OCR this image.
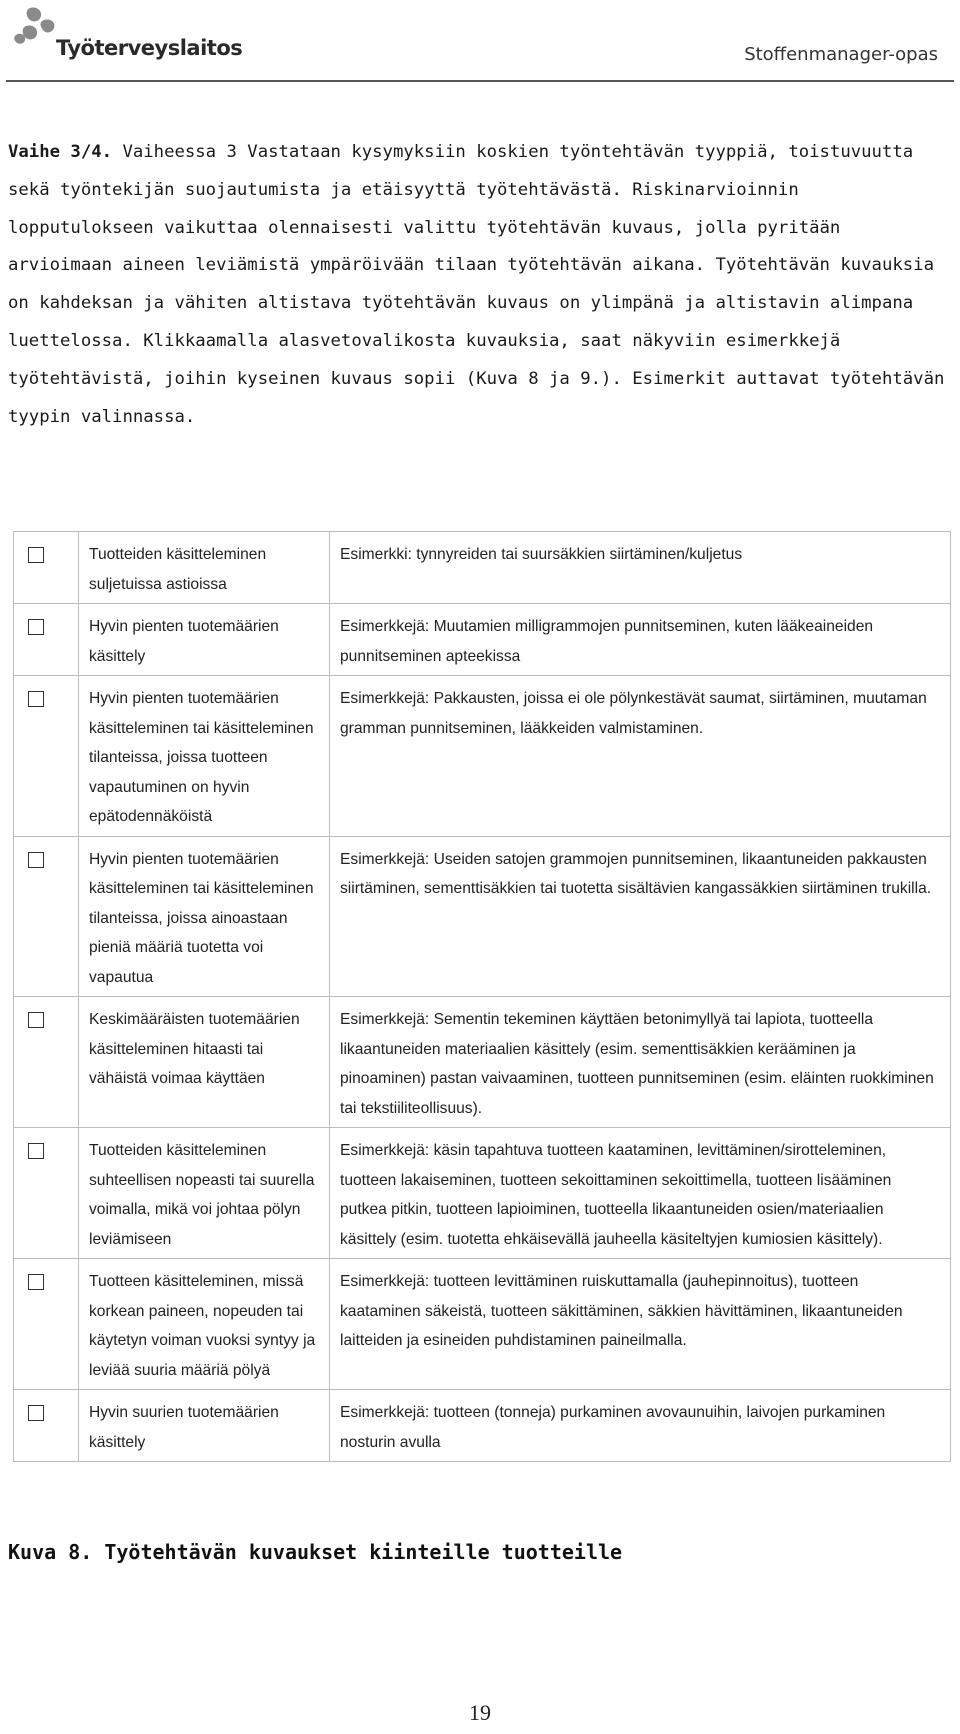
Työterveyslaitos	Stoffenmanager-opas

Vaihe 3/4. Vaiheessa 3 Vastataan kysymyksiin koskien työntehtävän tyyppiä, toistuvuutta sekä työntekijän suojautumista ja etäisyyttä työtehtävästä. Riskinarvioinnin lopputulokseen vaikuttaa olennaisesti valittu työtehtävän kuvaus, jolla pyritään arvioimaan aineen leviämistä ympäröivään tilaan työtehtävän aikana. Työtehtävän kuvauksia on kahdeksan ja vähiten altistava työtehtävän kuvaus on ylimpänä ja altistavin alimpana luettelossa. Klikkaamalla alasvetovalikosta kuvauksia, saat näkyviin esimerkkejä työtehtävistä, joihin kyseinen kuvaus sopii (Kuva 8 ja 9.). Esimerkit auttavat työtehtävän tyypin valinnassa.

	Tuotteiden käsitteleminen suljetuissa astioissa	Esimerkki: tynnyreiden tai suursäkkien siirtäminen/kuljetus
	Hyvin pienten tuotemäärien käsittely	Esimerkkejä: Muutamien milligrammojen punnitseminen, kuten lääkeaineiden punnitseminen apteekissa
	Hyvin pienten tuotemäärien käsitteleminen tai käsitteleminen tilanteissa, joissa tuotteen vapautuminen on hyvin epätodennäköistä	Esimerkkejä: Pakkausten, joissa ei ole pölynkestävät saumat, siirtäminen, muutaman gramman punnitseminen, lääkkeiden valmistaminen.
	Hyvin pienten tuotemäärien käsitteleminen tai käsitteleminen tilanteissa, joissa ainoastaan pieniä määriä tuotetta voi vapautua	Esimerkkejä: Useiden satojen grammojen punnitseminen, likaantuneiden pakkausten siirtäminen, sementtisäkkien tai tuotetta sisältävien kangassäkkien siirtäminen trukilla.
	Keskimääräisten tuotemäärien käsitteleminen hitaasti tai vähäistä voimaa käyttäen	Esimerkkejä: Sementin tekeminen käyttäen betonimyllyä tai lapiota, tuotteella likaantuneiden materiaalien käsittely (esim. sementtisäkkien kerääminen ja pinoaminen) pastan vaivaaminen, tuotteen punnitseminen (esim. eläinten ruokkiminen tai tekstiiliteollisuus).
	Tuotteiden käsitteleminen suhteellisen nopeasti tai suurella voimalla, mikä voi johtaa pölyn leviämiseen	Esimerkkejä: käsin tapahtuva tuotteen kaataminen, levittäminen/sirotteleminen, tuotteen lakaiseminen, tuotteen sekoittaminen sekoittimella, tuotteen lisääminen putkea pitkin, tuotteen lapioiminen, tuotteella likaantuneiden osien/materiaalien käsittely (esim. tuotetta ehkäisevällä jauheella käsiteltyjen kumiosien käsittely).
	Tuotteen käsitteleminen, missä korkean paineen, nopeuden tai käytetyn voiman vuoksi syntyy ja leviää suuria määriä pölyä	Esimerkkejä: tuotteen levittäminen ruiskuttamalla (jauhepinnoitus), tuotteen kaataminen säkeistä, tuotteen säkittäminen, säkkien hävittäminen, likaantuneiden laitteiden ja esineiden puhdistaminen paineilmalla.
	Hyvin suurien tuotemäärien käsittely	Esimerkkejä: tuotteen (tonneja) purkaminen avovaunuihin, laivojen purkaminen nosturin avulla
Kuva 8. Työtehtävän kuvaukset kiinteille tuotteille
19
